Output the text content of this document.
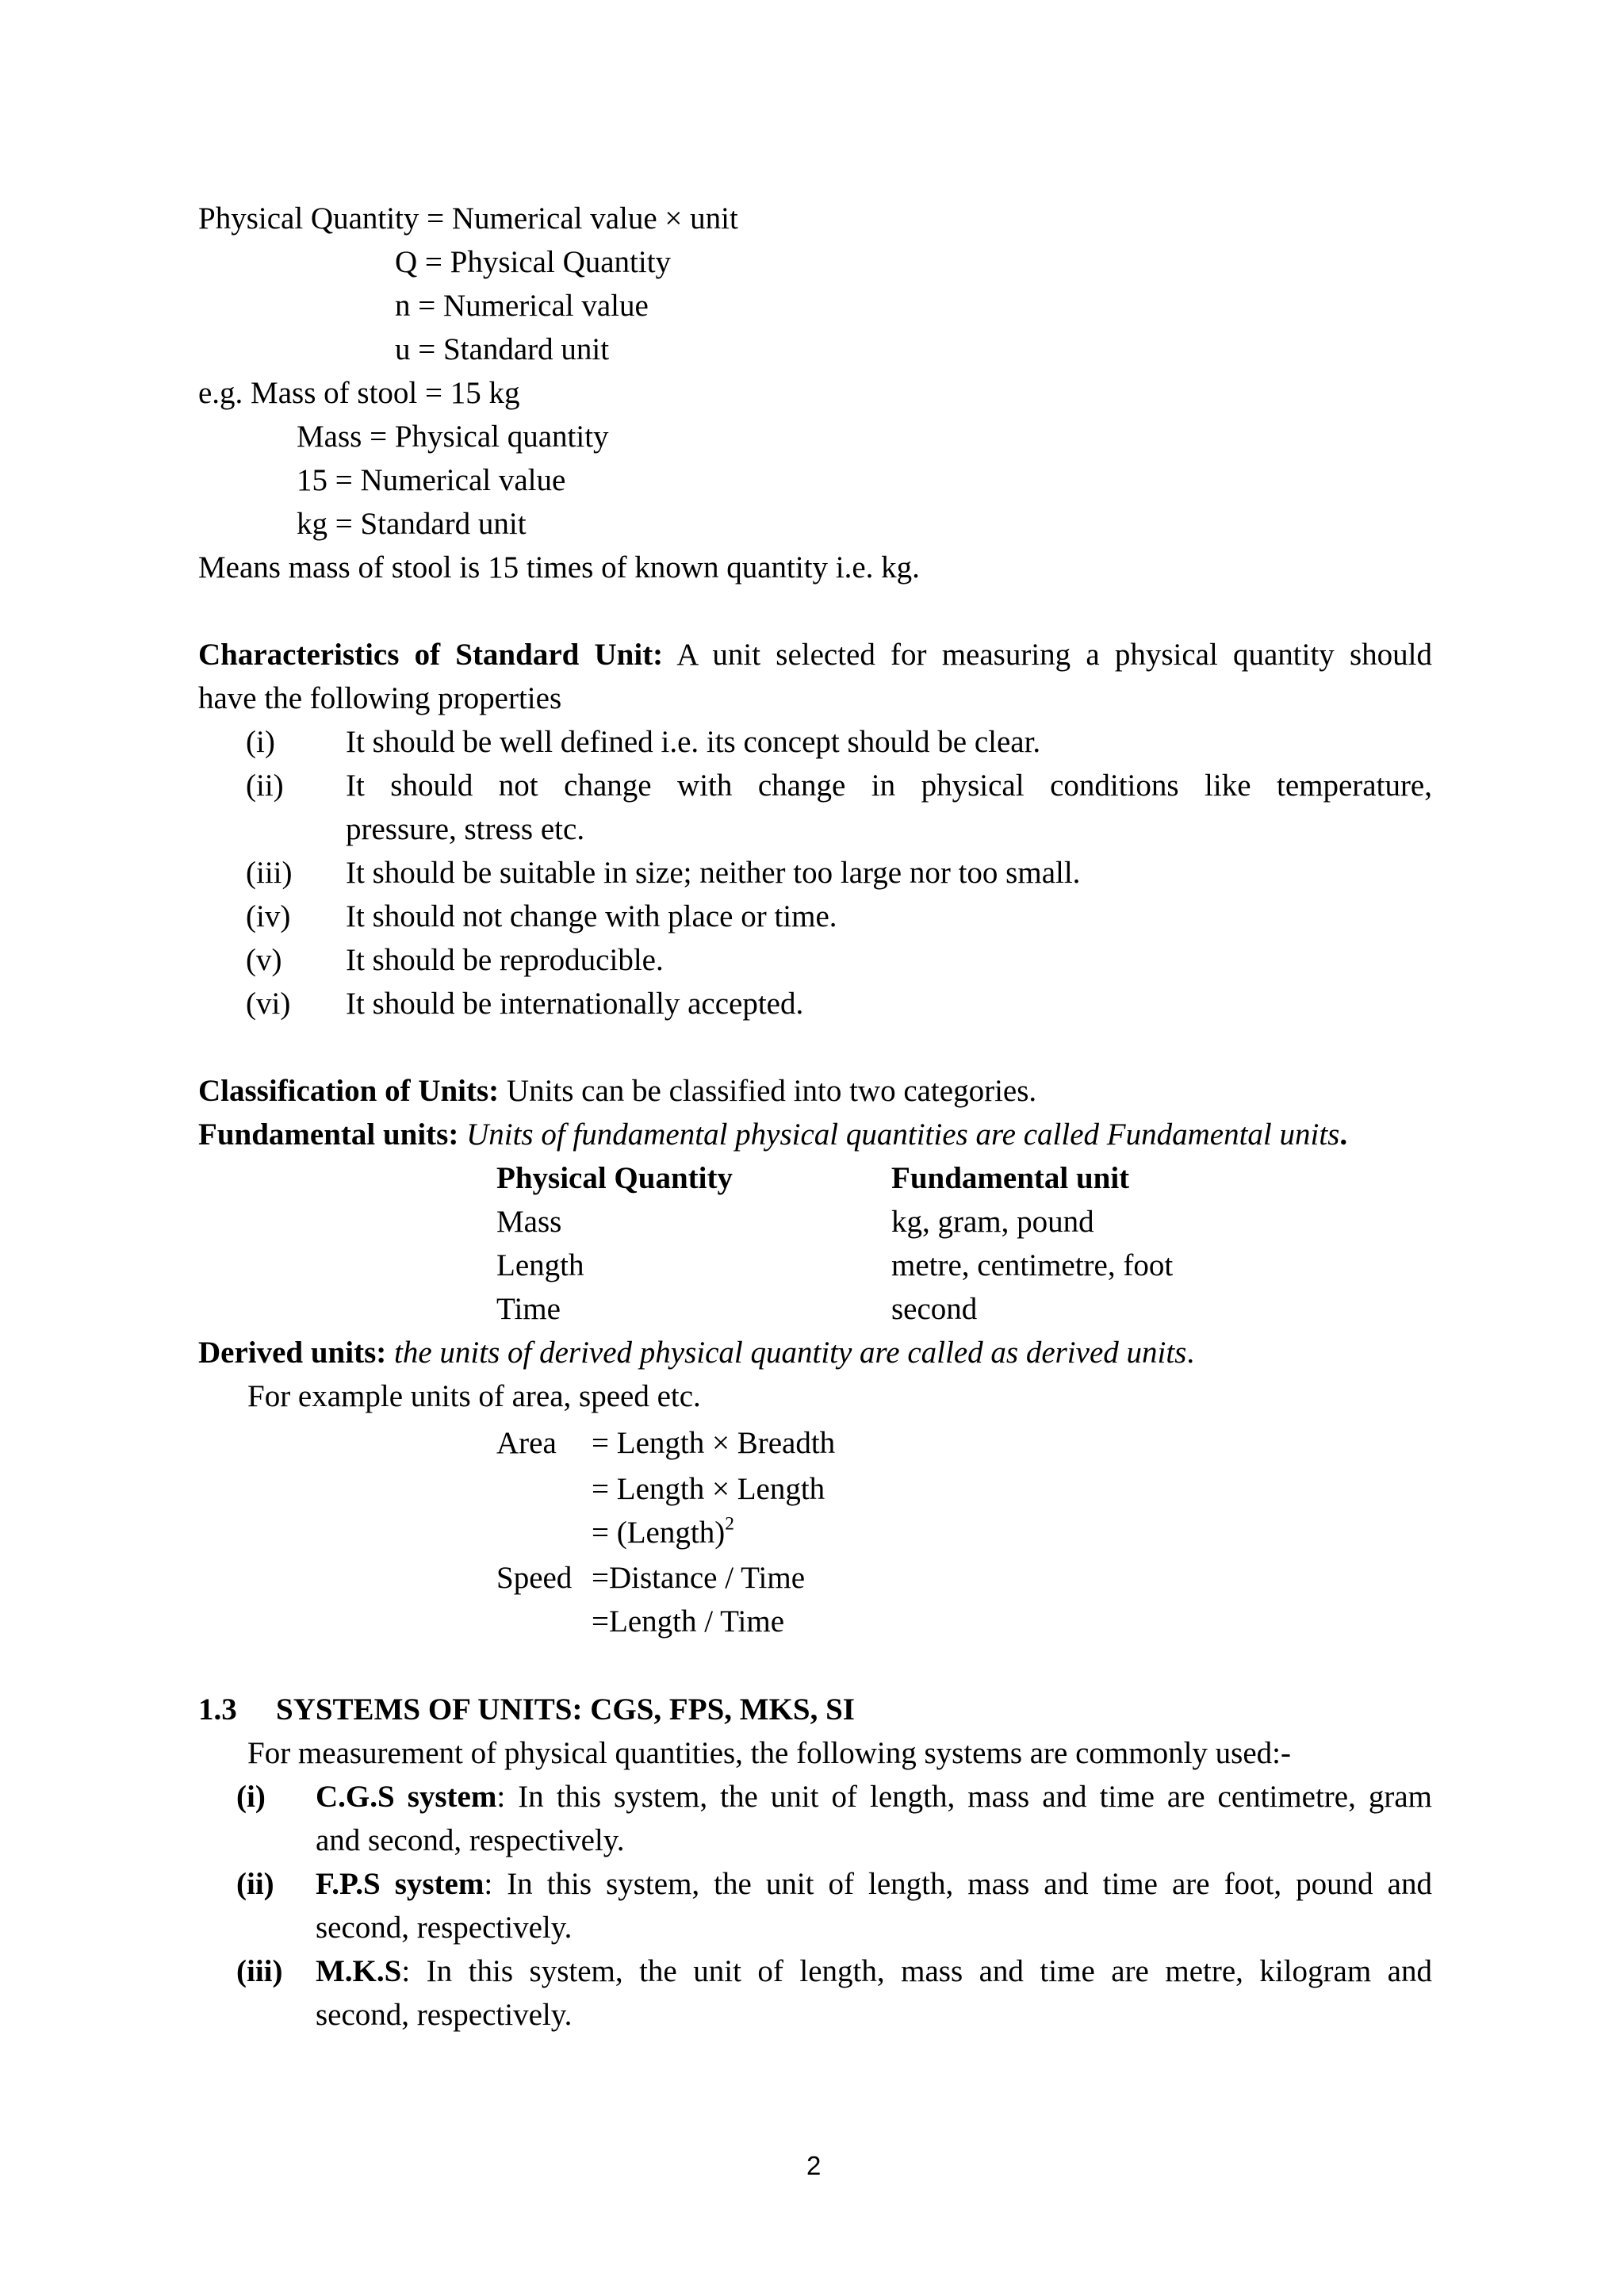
Physical Quantity = Numerical value × unit
Q = Physical Quantity
n = Numerical value
u = Standard unit
e.g. Mass of stool = 15 kg
Mass = Physical quantity
15 = Numerical value
kg = Standard unit
Means mass of stool is 15 times of known quantity i.e. kg.
Characteristics of Standard Unit: A unit selected for measuring a physical quantity should
have the following properties
(i) It should be well defined i.e. its concept should be clear.
(ii) It should not change with change in physical conditions like temperature,
pressure, stress etc.
(iii) It should be suitable in size; neither too large nor too small.
(iv) It should not change with place or time.
(v) It should be reproducible.
(vi) It should be internationally accepted.
Classification of Units: Units can be classified into two categories.
Fundamental units: Units of fundamental physical quantities are called Fundamental units.
Physical Quantity	Fundamental unit
Mass	kg, gram, pound
Length	metre, centimetre, foot
Time	second
Derived units: the units of derived physical quantity are called as derived units.
For example units of area, speed etc.
Area = Length × Breadth
= Length × Length
= (Length)$^2$
Speed =Distance / Time
=Length / Time
1.3 SYSTEMS OF UNITS: CGS, FPS, MKS, SI
For measurement of physical quantities, the following systems are commonly used:-
(i) C.G.S system: In this system, the unit of length, mass and time are centimetre, gram
and second, respectively.
(ii) F.P.S system: In this system, the unit of length, mass and time are foot, pound and
second, respectively.
(iii) M.K.S: In this system, the unit of length, mass and time are metre, kilogram and
second, respectively.
2
